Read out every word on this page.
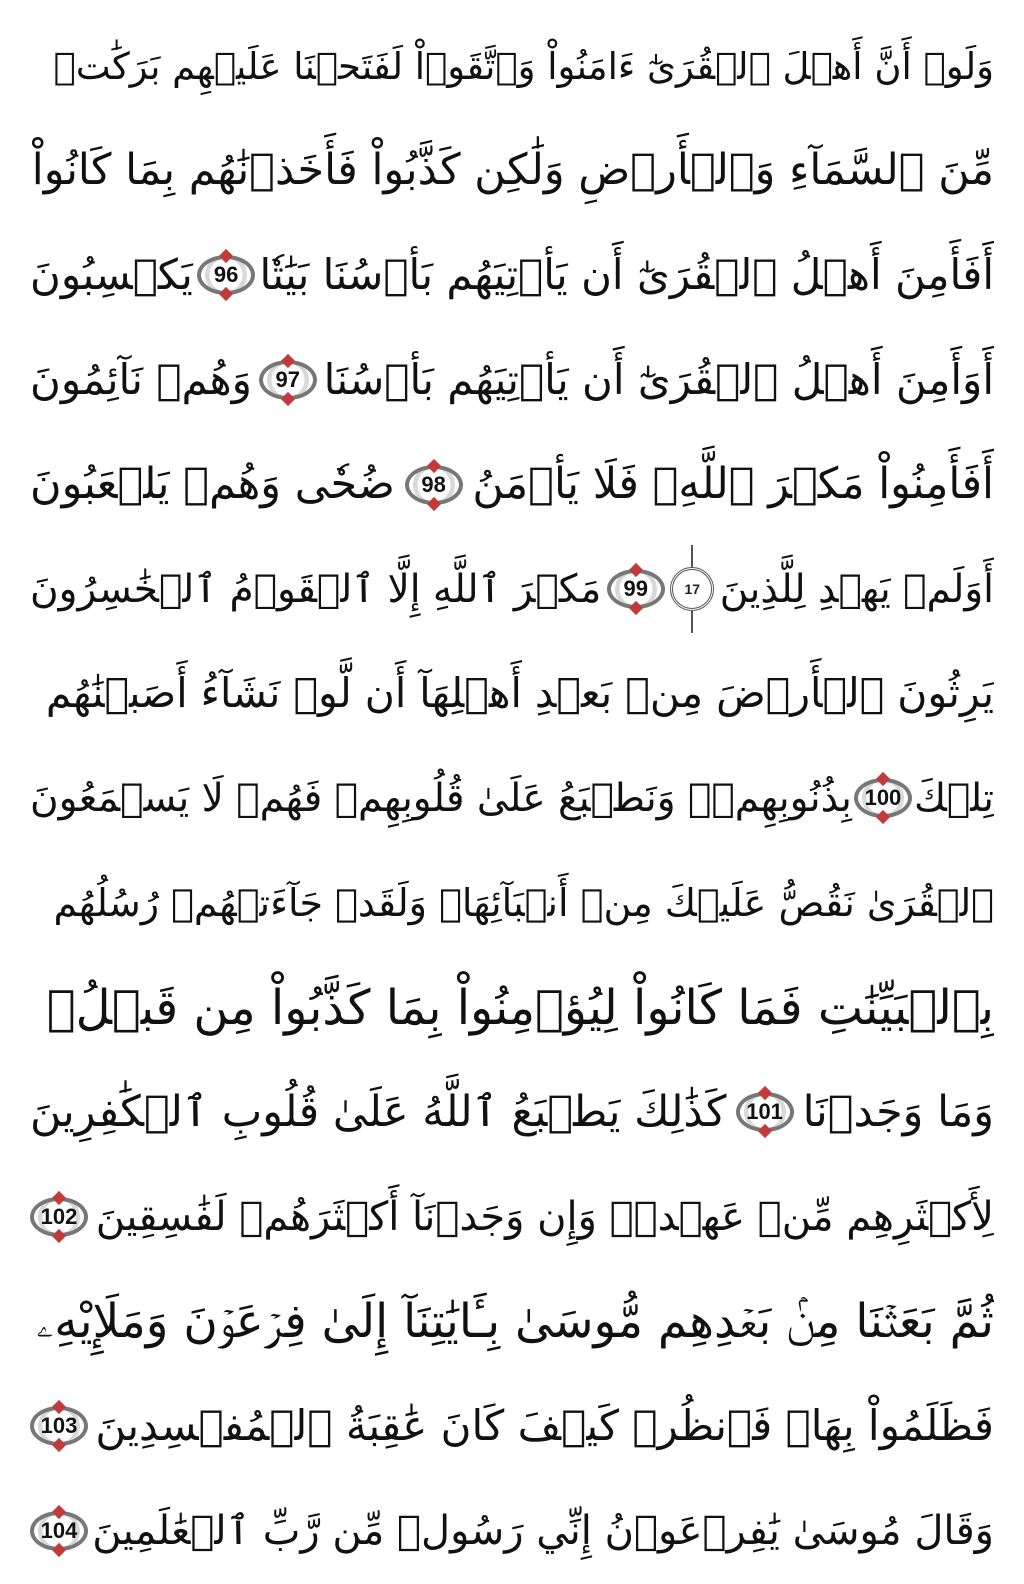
وَلَوۡ أَنَّ أَهۡلَ ٱلۡقُرَىٰٓ ءَامَنُواْ وَٱتَّقَوۡاْ لَفَتَحۡنَا عَلَيۡهِم بَرَكَٰتٖ
مِّنَ ٱلسَّمَآءِ وَٱلۡأَرۡضِ وَلَٰكِن كَذَّبُواْ فَأَخَذۡنَٰهُم بِمَا كَانُواْ
أَفَأَمِنَ أَهۡلُ ٱلۡقُرَىٰٓ أَن يَأۡتِيَهُم بَأۡسُنَا بَيَٰتٗا
96
يَكۡسِبُونَ
أَوَأَمِنَ أَهۡلُ ٱلۡقُرَىٰٓ أَن يَأۡتِيَهُم بَأۡسُنَا
97
وَهُمۡ نَآئِمُونَ
أَفَأَمِنُواْ مَكۡرَ ٱللَّهِۚ فَلَا يَأۡمَنُ
98
ضُحٗى وَهُمۡ يَلۡعَبُونَ
أَوَلَمۡ يَهۡدِ لِلَّذِينَ
17
99
مَكۡرَ ٱللَّهِ إِلَّا ٱلۡقَوۡمُ ٱلۡخَٰسِرُونَ
يَرِثُونَ ٱلۡأَرۡضَ مِنۢ بَعۡدِ أَهۡلِهَآ أَن لَّوۡ نَشَآءُ أَصَبۡنَٰهُم
تِلۡكَ
100
بِذُنُوبِهِمۡۚ وَنَطۡبَعُ عَلَىٰ قُلُوبِهِمۡ فَهُمۡ لَا يَسۡمَعُونَ
ٱلۡقُرَىٰ نَقُصُّ عَلَيۡكَ مِنۡ أَنۢبَآئِهَاۚ وَلَقَدۡ جَآءَتۡهُمۡ رُسُلُهُم
بِٱلۡبَيِّنَٰتِ فَمَا كَانُواْ لِيُؤۡمِنُواْ بِمَا كَذَّبُواْ مِن قَبۡلُۚ
وَمَا وَجَدۡنَا
101
كَذَٰلِكَ يَطۡبَعُ ٱللَّهُ عَلَىٰ قُلُوبِ ٱلۡكَٰفِرِينَ
لِأَكۡثَرِهِم مِّنۡ عَهۡدٖۖ وَإِن وَجَدۡنَآ أَكۡثَرَهُمۡ لَفَٰسِقِينَ
102
ثُمَّ بَعَثۡنَا مِنۢ بَعۡدِهِم مُّوسَىٰ بِـَٔايَٰتِنَآ إِلَىٰ فِرۡعَوۡنَ وَمَلَإِيْهِۦ
فَظَلَمُواْ بِهَاۖ فَٱنظُرۡ كَيۡفَ كَانَ عَٰقِبَةُ ٱلۡمُفۡسِدِينَ
103
وَقَالَ مُوسَىٰ يَٰفِرۡعَوۡنُ إِنِّي رَسُولٞ مِّن رَّبِّ ٱلۡعَٰلَمِينَ
104
